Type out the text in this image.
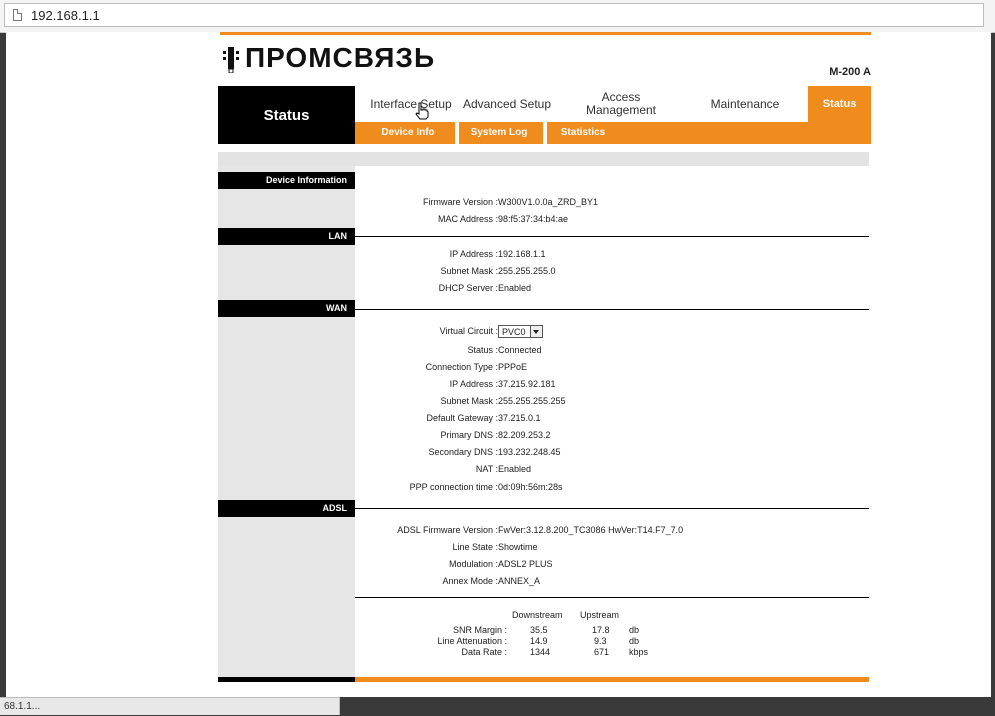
192.168.1.1
ПРОМСВЯЗЬ	M-200 A
Status
Interface Setup Advanced Setup	Access Management	Maintenance	Status
Device Info	System Log	Statistics
Device Information
Firmware Version : W300V1.0.0a_ZRD_BY1
MAC Address : 98:f5:37:34:b4:ae
LAN
IP Address : 192.168.1.1
Subnet Mask : 255.255.255.0
DHCP Server : Enabled
WAN
Virtual Circuit : PVC0
Status : Connected
Connection Type : PPPoE
IP Address : 37.215.92.181
Subnet Mask : 255.255.255.255
Default Gateway : 37.215.0.1
Primary DNS : 82.209.253.2
Secondary DNS : 193.232.248.45
NAT : Enabled
PPP connection time : 0d:09h:56m:28s
ADSL
ADSL Firmware Version : FwVer:3.12.8.200_TC3086 HwVer:T14.F7_7.0
Line State : Showtime
Modulation : ADSL2 PLUS
Annex Mode : ANNEX_A
Downstream Upstream
SNR Margin :	35.5	17.8 db
Line Attenuation :	14.9	9.3 db
Data Rate :	1344	671 kbps
68.1.1...
